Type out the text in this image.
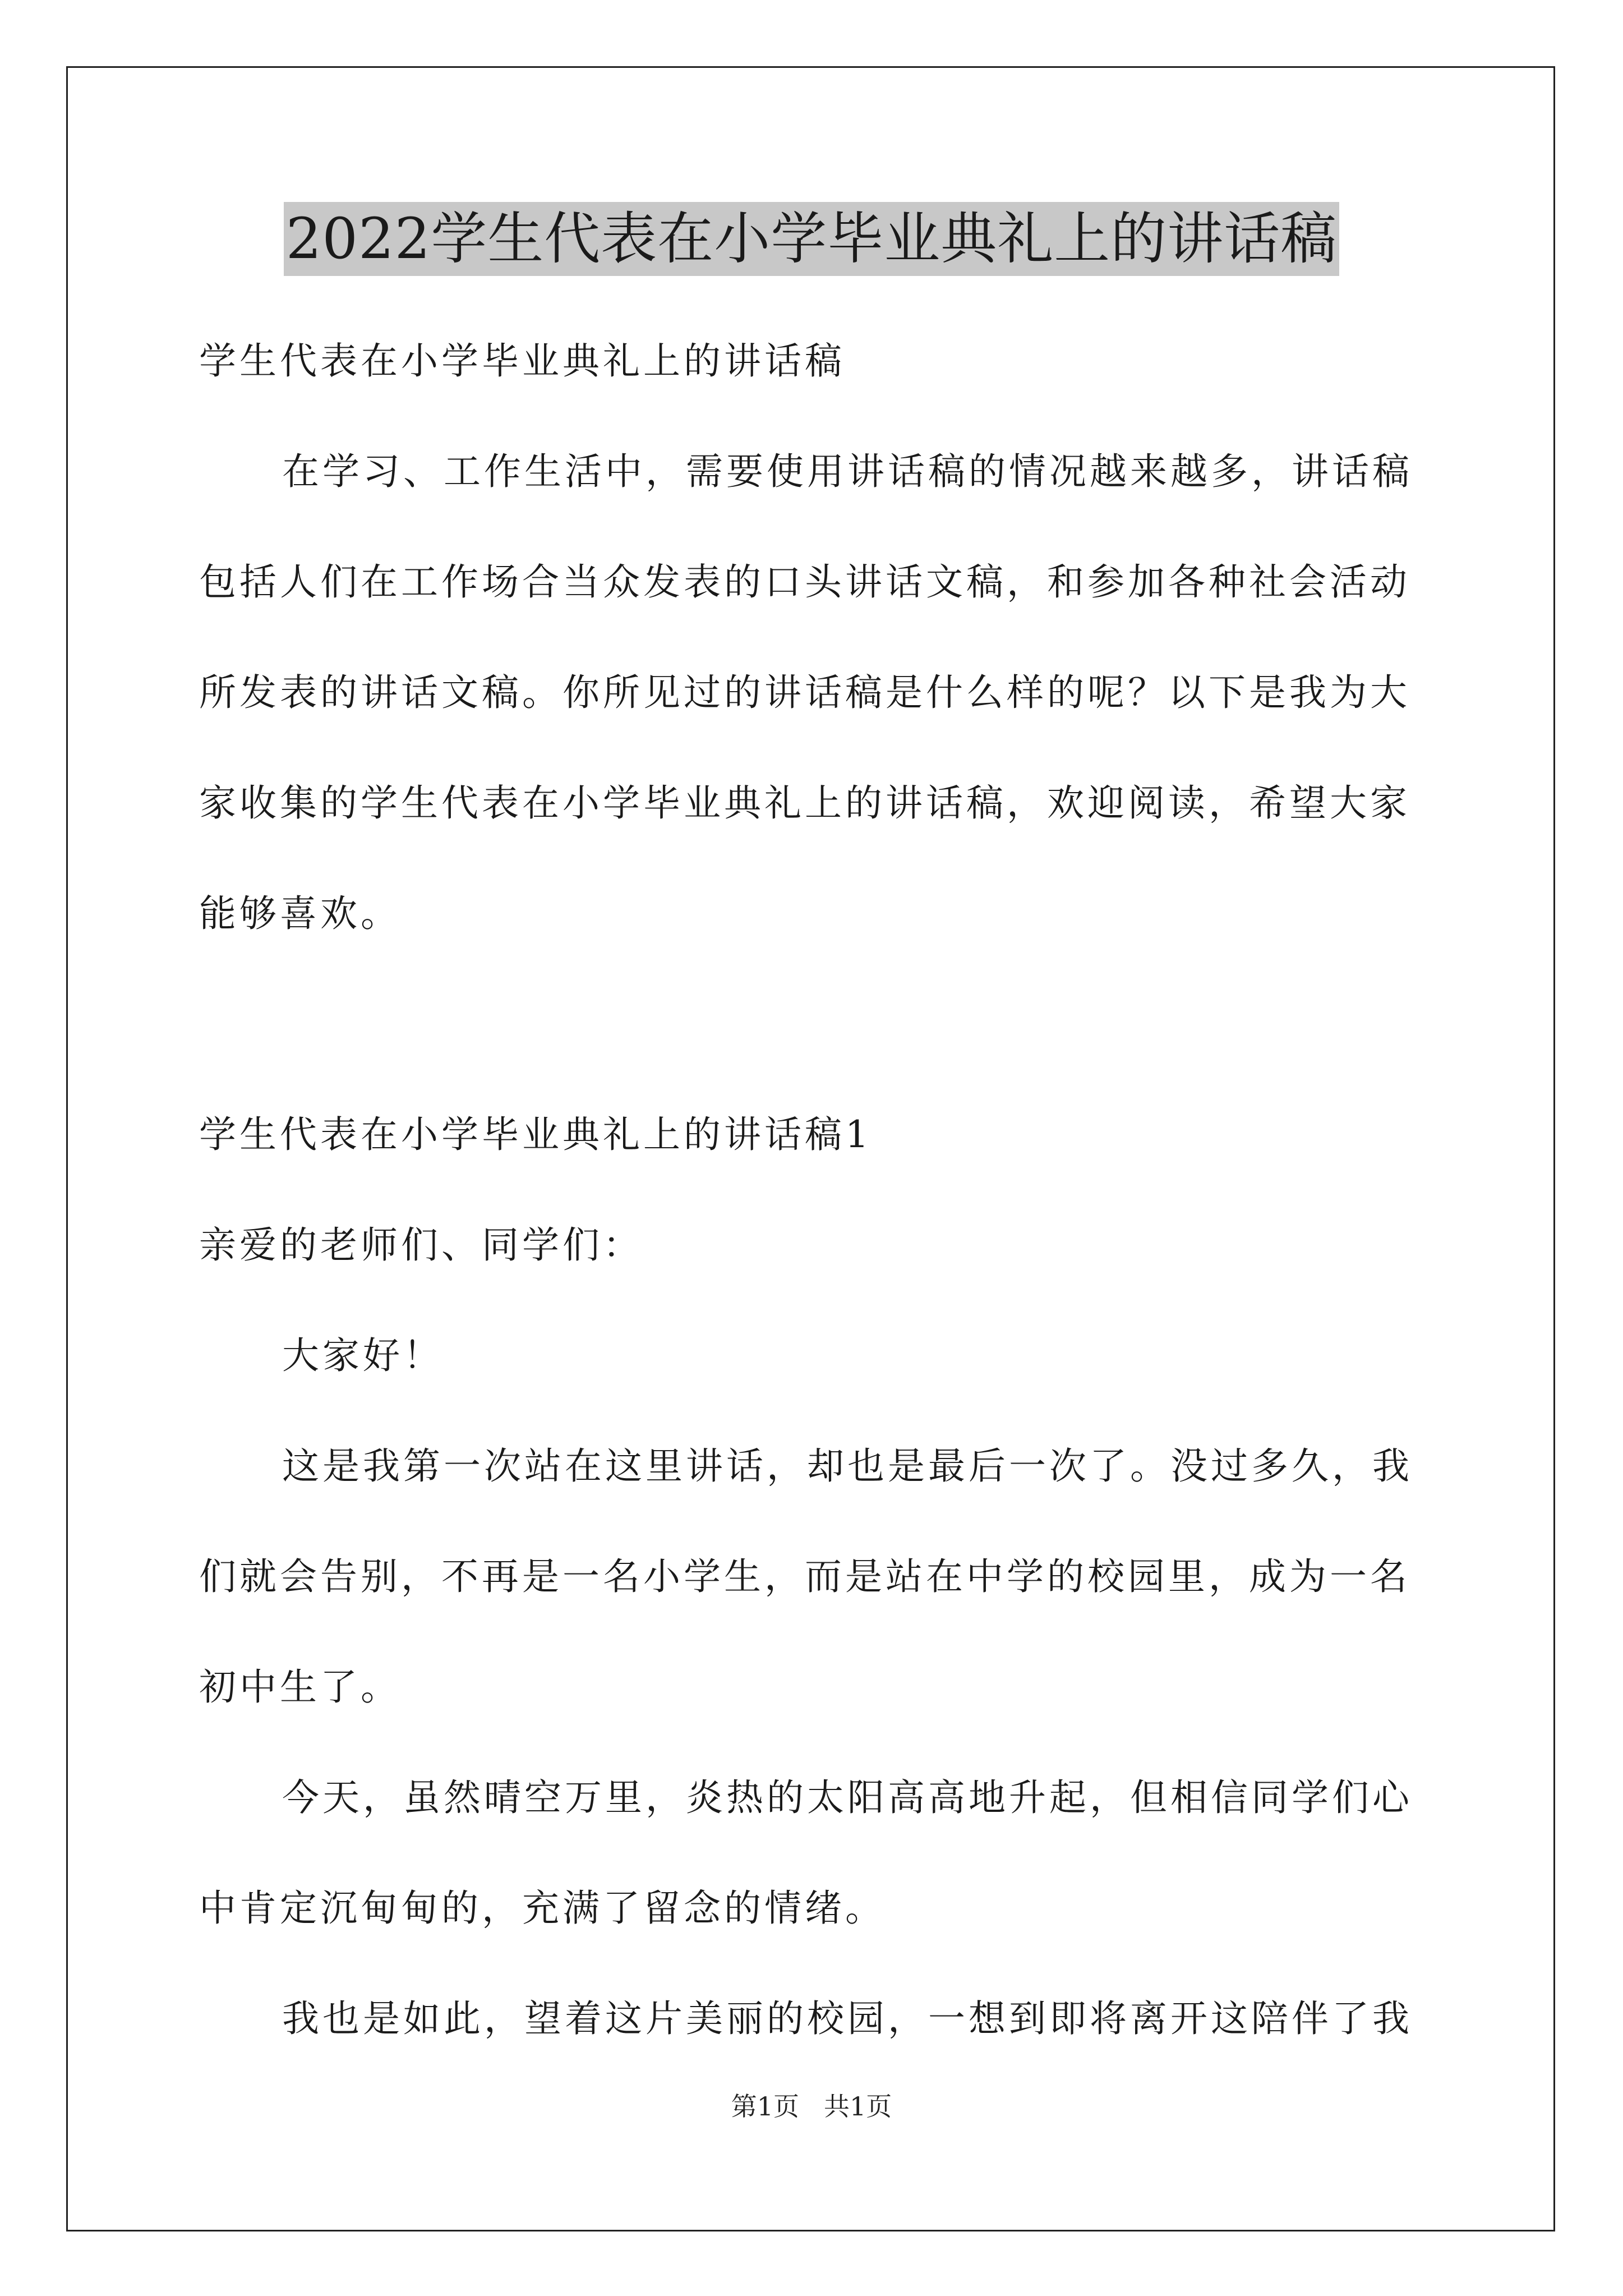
2022学生代表在小学毕业典礼上的讲话稿

学生代表在小学毕业典礼上的讲话稿

在学习、工作生活中，需要使用讲话稿的情况越来越多，讲话稿

包括人们在工作场合当众发表的口头讲话文稿，和参加各种社会活动

所发表的讲话文稿。你所见过的讲话稿是什么样的呢？以下是我为大

家收集的学生代表在小学毕业典礼上的讲话稿，欢迎阅读，希望大家

能够喜欢。

学生代表在小学毕业典礼上的讲话稿1

亲爱的老师们、同学们：

大家好！

这是我第一次站在这里讲话，却也是最后一次了。没过多久，我

们就会告别，不再是一名小学生，而是站在中学的校园里，成为一名

初中生了。

今天，虽然晴空万里，炎热的太阳高高地升起，但相信同学们心

中肯定沉甸甸的，充满了留念的情绪。

我也是如此，望着这片美丽的校园，一想到即将离开这陪伴了我

第1页 共1页
